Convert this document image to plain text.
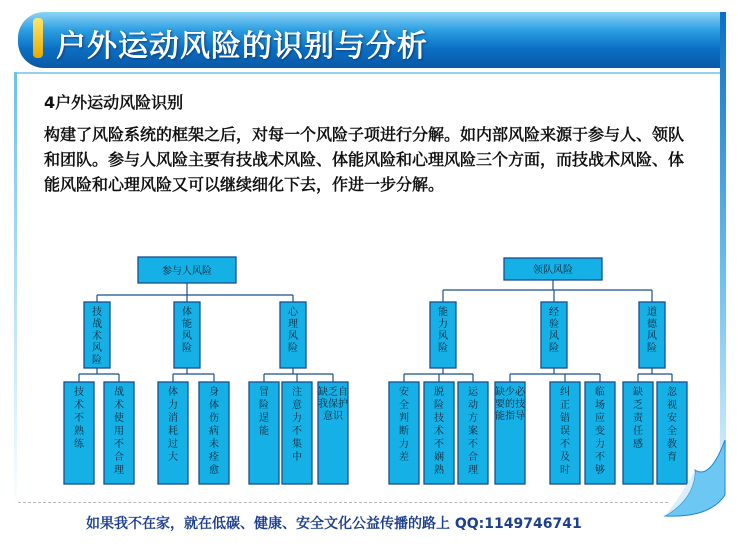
户外运动风险的识别与分析
4户外运动风险识别
构建了风险系统的框架之后，对每一个风险子项进行分解。如内部风险来源于参与人、领队和团队。参与人风险主要有技战术风险、体能风险和心理风险三个方面，而技战术风险、体能风险和心理风险又可以继续细化下去，作进一步分解。
参与人风险
技战术风险
技术不熟练
战术使用不合理
体能风险
体力消耗过大
身体伤病未痊愈
心理风险
冒险逞能
注意力不集中
缺乏自我保护意识
领队风险
能力风险
安全判断力差
脱险技术不娴熟
运动方案不合理
经验风险
缺少必要的技能指导
纠正错误不及时
临场应变力不够
道德风险
缺乏责任感
忽视安全教育
如果我不在家，就在低碳、健康、安全文化公益传播的路上 QQ:1149746741
